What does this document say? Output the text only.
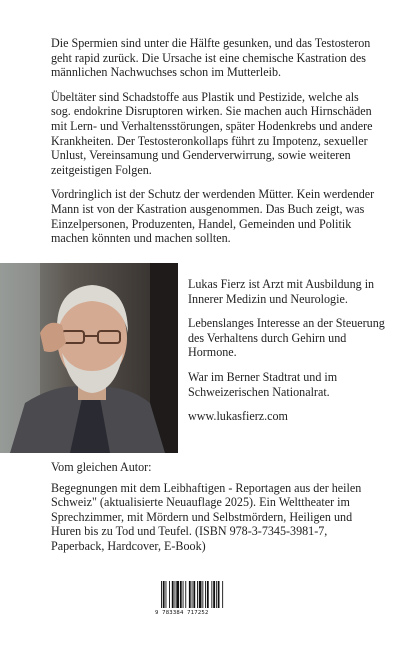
Die Spermien sind unter die Hälfte gesunken, und das Testosteron geht rapid zurück. Die Ursache ist eine chemische Kastration des männlichen Nachwuchses schon im Mutterleib.

Übeltäter sind Schadstoffe aus Plastik und Pestizide, welche als sog. endokrine Disruptoren wirken. Sie machen auch Hirnschäden mit Lern- und Verhaltensstörungen, später Hodenkrebs und andere Krankheiten. Der Testosteronkollaps führt zu Impotenz, sexueller Unlust, Vereinsamung und Genderverwirrung, sowie weiteren zeitgeistigen Folgen.

Vordringlich ist der Schutz der werdenden Mütter. Kein werdender Mann ist von der Kastration ausgenommen. Das Buch zeigt, was Einzelpersonen, Produzenten, Handel, Gemeinden und Politik machen könnten und machen sollten.

Lukas Fierz ist Arzt mit Ausbildung in Innerer Medizin und Neurologie.

Lebenslanges Interesse an der Steuerung des Verhaltens durch Gehirn und Hormone.

War im Berner Stadtrat und im Schweizerischen Nationalrat.

www.lukasfierz.com

Vom gleichen Autor:

Begegnungen mit dem Leibhaftigen - Reportagen aus der heilen Schweiz" (aktualisierte Neuauflage 2025). Ein Welttheater im Sprechzimmer, mit Mördern und Selbstmördern, Heiligen und Huren bis zu Tod und Teufel. (ISBN 978-3-7345-3981-7, Paperback, Hardcover, E-Book)

9 783384 717252
